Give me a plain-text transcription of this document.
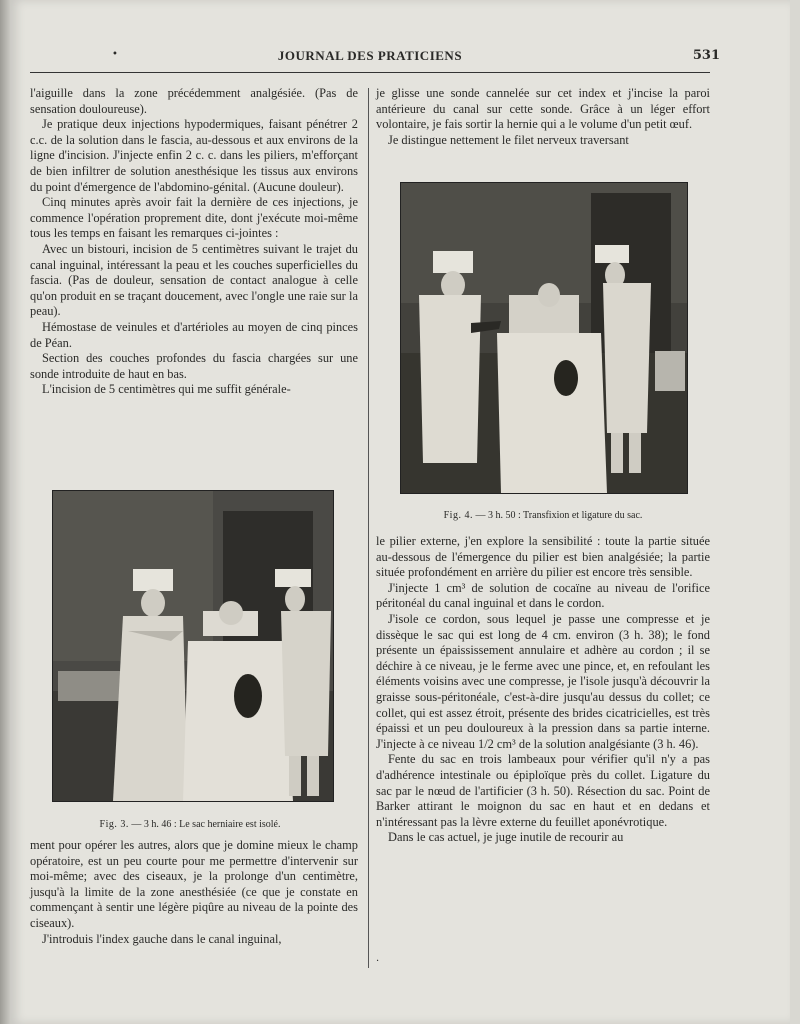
•	JOURNAL DES PRATICIENS	531

l'aiguille dans la zone précédemment analgésiée. (Pas de sensation douloureuse).

Je pratique deux injections hypodermiques, faisant pénétrer 2 c.c. de la solution dans le fascia, au-dessous et aux environs de la ligne d'incision. J'injecte enfin 2 c. c. dans les piliers, m'efforçant de bien infiltrer de solution anesthésique les tissus aux environs du point d'émergence de l'abdomino-génital. (Aucune douleur).

Cinq minutes après avoir fait la dernière de ces injections, je commence l'opération proprement dite, dont j'exécute moi-même tous les temps en faisant les remarques ci-jointes :

Avec un bistouri, incision de 5 centimètres suivant le trajet du canal inguinal, intéressant la peau et les couches superficielles du fascia. (Pas de douleur, sensation de contact analogue à celle qu'on produit en se traçant doucement, avec l'ongle une raie sur la peau).

Hémostase de veinules et d'artérioles au moyen de cinq pinces de Péan.

Section des couches profondes du fascia chargées sur une sonde introduite de haut en bas.

L'incision de 5 centimètres qui me suffit générale-

Fig. 3. — 3 h. 46 : Le sac herniaire est isolé.

ment pour opérer les autres, alors que je domine mieux le champ opératoire, est un peu courte pour me permettre d'intervenir sur moi-même; avec des ciseaux, je la prolonge d'un centimètre, jusqu'à la limite de la zone anesthésiée (ce que je constate en commençant à sentir une légère piqûre au niveau de la pointe des ciseaux).

J'introduis l'index gauche dans le canal inguinal,

je glisse une sonde cannelée sur cet index et j'incise la paroi antérieure du canal sur cette sonde. Grâce à un léger effort volontaire, je fais sortir la hernie qui a le volume d'un petit œuf.

Je distingue nettement le filet nerveux traversant

Fig. 4. — 3 h. 50 : Transfixion et ligature du sac.

le pilier externe, j'en explore la sensibilité : toute la partie située au-dessous de l'émergence du pilier est bien analgésiée; la partie située profondément en arrière du pilier est encore très sensible.

J'injecte 1 cm³ de solution de cocaïne au niveau de l'orifice péritonéal du canal inguinal et dans le cordon.

J'isole ce cordon, sous lequel je passe une compresse et je dissèque le sac qui est long de 4 cm. environ (3 h. 38); le fond présente un épaississement annulaire et adhère au cordon ; il se déchire à ce niveau, je le ferme avec une pince, et, en refoulant les éléments voisins avec une compresse, je l'isole jusqu'à découvrir la graisse sous-péritonéale, c'est-à-dire jusqu'au dessus du collet; ce collet, qui est assez étroit, présente des brides cicatricielles, est très épaissi et un peu douloureux à la pression dans sa partie interne. J'injecte à ce niveau 1/2 cm³ de la solution analgésiante (3 h. 46).

Fente du sac en trois lambeaux pour vérifier qu'il n'y a pas d'adhérence intestinale ou épiploïque près du collet. Ligature du sac par le nœud de l'artificier (3 h. 50). Résection du sac. Point de Barker attirant le moignon du sac en haut et en dedans et n'intéressant pas la lèvre externe du feuillet aponévrotique.

Dans le cas actuel, je juge inutile de recourir au

·
